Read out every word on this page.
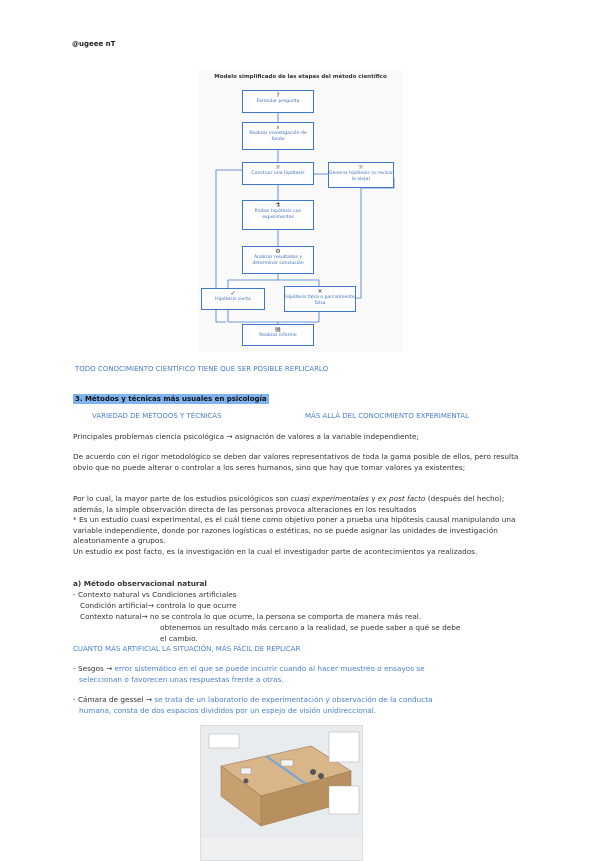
@ugeee nT
Modelo simplificado de las etapas del método científico
?
Formular pregunta
⌕
Realizar investigación de fondo
☼
Construir una hipótesis
☼
Generar hipótesis (o revisar la vieja)
⚗
Probar hipótesis con experimentos
⚙
Analizar resultados y determinar conclusión
✓
Hipótesis cierta
✕
Hipótesis falsa o parcialmente falsa
▤
Realizar informe
TODO CONOCIMIENTO CIENTÍFICO TIENE QUE SER POSIBLE REPLICARLO
3. Métodos y técnicas más usuales en psicología
VARIEDAD DE MÉTODOS Y TÉCNICAS	MÁS ALLÁ DEL CONOCIMIENTO EXPERIMENTAL
Principales problemas ciencia psicológica → asignación de valores a la variable independiente;
De acuerdo con el rigor metodológico se deben dar valores representativos de toda la gama posible de ellos, pero resulta obvio que no puede alterar o controlar a los seres humanos, sino que hay que tomar valores ya existentes;
Por lo cual, la mayor parte de los estudios psicológicos son cuasi experimentales y ex post facto (después del hecho); además, la simple observación directa de las personas provoca alteraciones en los resultados
* Es un estudio cuasi experimental, es el cuál tiene como objetivo poner a prueba una hipótesis causal manipulando una variable independiente, donde por razones logísticas o estéticas, no se puede asignar las unidades de investigación aleatoriamente a grupos.
Un estudio ex post facto, es la investigación en la cual el investigador parte de acontecimientos ya realizados.
a) Método observacional natural
- Contexto natural vs Condiciones artificiales
Condición artificial→ controla lo que ocurre
Contexto natural→ no se controla lo que ocurre, la persona se comporta de manera más real.
obtenemos un resultado más cercano a la realidad, se puede saber a qué se debe
el cambio.
CUANTO MÁS ARTIFICIAL LA SITUACIÓN, MÁS FÁCIL DE REPLICAR
- Sesgos → error sistemático en el que se puede incurrir cuando al hacer muestreo o ensayos se
seleccionan o favorecen unas respuestas frente a otras.
- Cámara de gessel → se trata de un laboratorio de experimentación y observación de la conducta
humana, consta de dos espacios divididos por un espejo de visión unidireccional.
